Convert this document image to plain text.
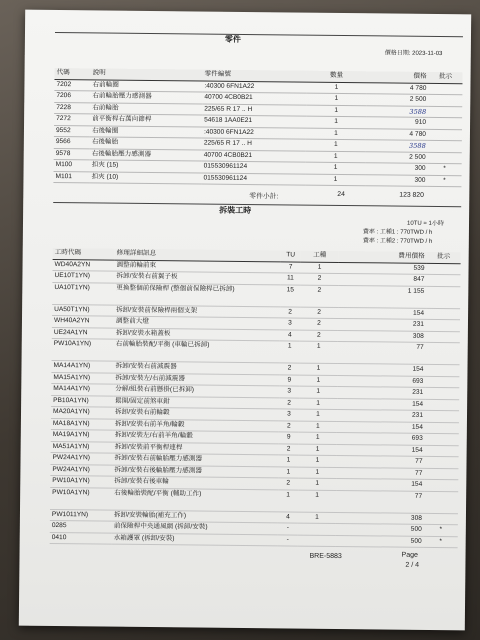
零件
價格日期: 2023-11-03
代碼	說明	零件編號	數量	價格	批示
7202	右前輪圈	:40300 6FN1A22	1	4 780	
7206	右前輪胎壓力感測器	40700 4CB0B21	1	2 500	
7228	右前輪胎	225/65 R 17 .. H	1	3588	
7272	前平衡桿右萬向節桿	54618 1AA0E21	1	910	
9552	右後輪圈	:40300 6FN1A22	1	4 780	
9566	右後輪胎	225/65 R 17 .. H	1	3588	
9578	右後輪胎壓力感測器	40700 4CB0B21	1	2 500	
M100	扣夾 (15)	015530961124	1	300	*
M101	扣夾 (10)	015530961124	1	300	*
零件小計:	24	123 820
拆裝工時
10TU = 1小時
費率 : 工種1 : 770TWD / h
費率 : 工種2 : 770TWD / h
工時代碼	修理詳細訊息	TU	工種	費用價格	批示
WD40A2YN	調整前輪前束	7	1	539	
UE10T1YN)	拆卸/安裝右前翼子板	11	2	847	
UA10T1YN)	更換整個前保險桿 (整個前保險桿已拆卸)	15	2	1 155	
UA50T1YN)	拆卸/安裝前保險桿兩個支架	2	2	154	
WH40A2YN	調整前大燈	3	2	231	
UE24A1YN	拆卸/安裝水箱蓋板	4	2	308	
PW10A1YN)	右前輪胎裝配/平衡 (車輪已拆卸)	1	1	77	
MA14A1YN)	拆卸/安裝右前減震器	2	1	154	
MA15A1YN)	拆卸/安裝左/右前減震器	9	1	693	
MA14A1YN)	分解/組裝右前懸掛(已拆卸)	3	1	231	
PB10A1YN)	鬆開/固定前煞車鉗	2	1	154	
MA20A1YN)	拆卸/安裝右前輪轂	3	1	231	
MA18A1YN)	拆卸/安裝右前羊角/輪轂	2	1	154	
MA19A1YN)	拆卸/安裝左/右前羊角/輪轂	9	1	693	
MA51A1YN)	拆卸/安裝前平衡桿連桿	2	1	154	
PW24A1YN)	拆卸/安裝右前輪胎壓力感測器	1	1	77	
PW24A1YN)	拆卸/安裝右後輪胎壓力感測器	1	1	77	
PW10A1YN)	拆卸/安裝右後車輪	2	1	154	
PW10A1YN)	右後輪胎裝配/平衡 (輔助工作)	1	1	77	
PW1011YN)	拆卸/安裝輪胎(補充工作)	4	1	308	
0285	前保險桿中央通風網 (拆卸/安裝)	-		500	*
0410	水箱護罩 (拆卸/安裝)	-		500	*
BRE-5883	Page
2 / 4
